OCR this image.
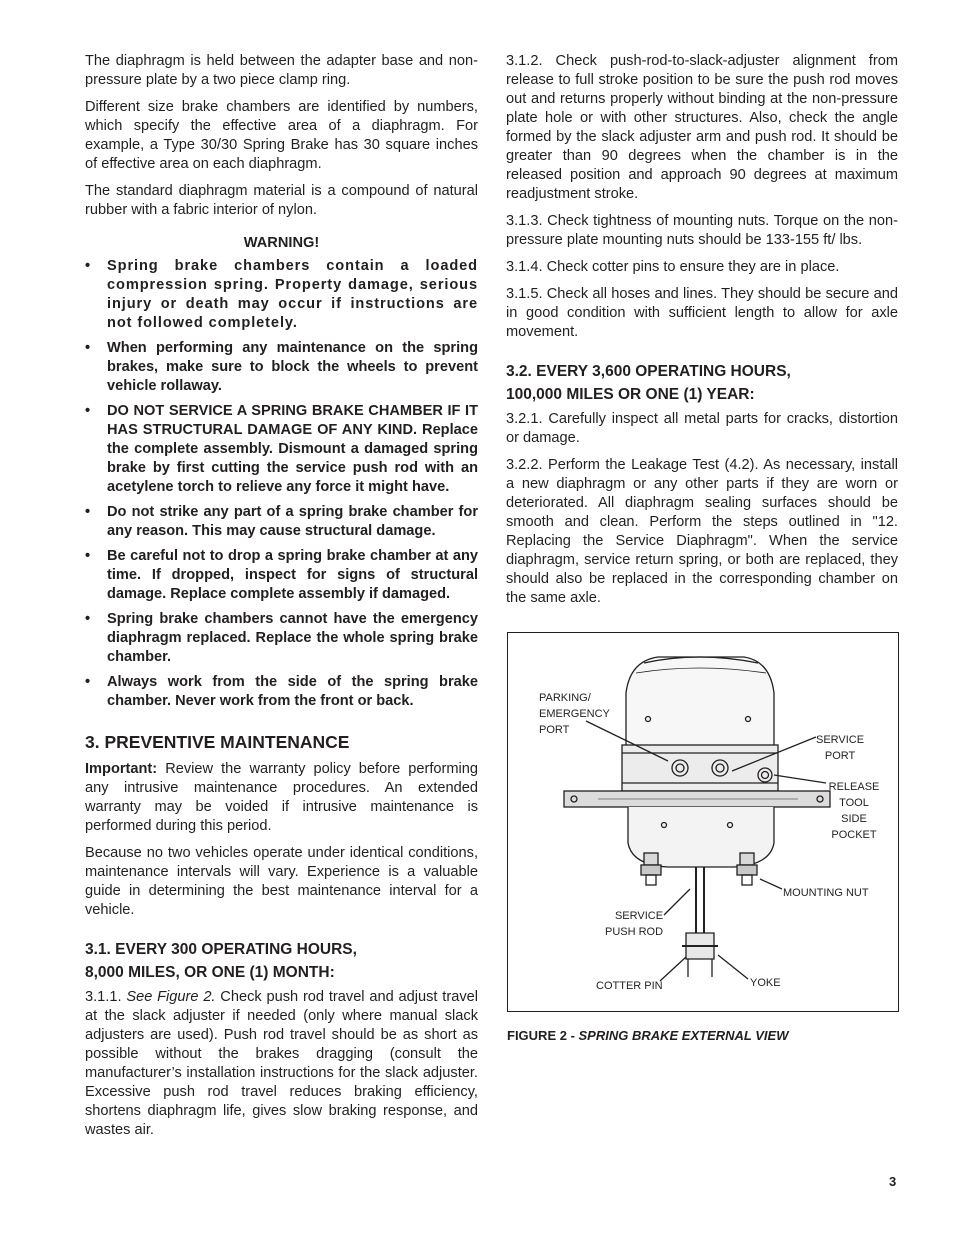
The diaphragm is held between the adapter base and non-pressure plate by a two piece clamp ring.

Different size brake chambers are identified by numbers, which specify the effective area of a diaphragm. For example, a Type 30/30 Spring Brake has 30 square inches of effective area on each diaphragm.

The standard diaphragm material is a compound of natural rubber with a fabric interior of nylon.

WARNING!
• Spring brake chambers contain a loaded compression spring. Property damage, serious injury or death may occur if instructions are not followed completely.
• When performing any maintenance on the spring brakes, make sure to block the wheels to prevent vehicle rollaway.
• DO NOT SERVICE A SPRING BRAKE CHAMBER IF IT HAS STRUCTURAL DAMAGE OF ANY KIND. Replace the complete assembly. Dismount a damaged spring brake by first cutting the service push rod with an acetylene torch to relieve any force it might have.
• Do not strike any part of a spring brake chamber for any reason. This may cause structural damage.
• Be careful not to drop a spring brake chamber at any time. If dropped, inspect for signs of structural damage. Replace complete assembly if damaged.
• Spring brake chambers cannot have the emergency diaphragm replaced. Replace the whole spring brake chamber.
• Always work from the side of the spring brake chamber. Never work from the front or back.
3. PREVENTIVE MAINTENANCE

Important: Review the warranty policy before performing any intrusive maintenance procedures. An extended warranty may be voided if intrusive maintenance is performed during this period.

Because no two vehicles operate under identical conditions, maintenance intervals will vary. Experience is a valuable guide in determining the best maintenance interval for a vehicle.

3.1. EVERY 300 OPERATING HOURS,
8,000 MILES, OR ONE (1) MONTH:

3.1.1. See Figure 2. Check push rod travel and adjust travel at the slack adjuster if needed (only where manual slack adjusters are used). Push rod travel should be as short as possible without the brakes dragging (consult the manufacturer’s installation instructions for the slack adjuster. Excessive push rod travel reduces braking efficiency, shortens diaphragm life, gives slow braking response, and wastes air.

3.1.2. Check push-rod-to-slack-adjuster alignment from release to full stroke position to be sure the push rod moves out and returns properly without binding at the non-pressure plate hole or with other structures. Also, check the angle formed by the slack adjuster arm and push rod. It should be greater than 90 degrees when the chamber is in the released position and approach 90 degrees at maximum readjustment stroke.

3.1.3. Check tightness of mounting nuts. Torque on the non-pressure plate mounting nuts should be 133-155 ft/ lbs.

3.1.4. Check cotter pins to ensure they are in place.

3.1.5. Check all hoses and lines. They should be secure and in good condition with sufficient length to allow for axle movement.

3.2. EVERY 3,600 OPERATING HOURS,
100,000 MILES OR ONE (1) YEAR:

3.2.1. Carefully inspect all metal parts for cracks, distortion or damage.

3.2.2. Perform the Leakage Test (4.2). As necessary, install a new diaphragm or any other parts if they are worn or deteriorated. All diaphragm sealing surfaces should be smooth and clean. Perform the steps outlined in "12. Replacing the Service Diaphragm". When the service diaphragm, service return spring, or both are replaced, they should also be replaced in the corresponding chamber on the same axle.

PARKING/
EMERGENCY
PORT
SERVICE
PORT
RELEASE
TOOL
SIDE
POCKET
MOUNTING NUT
SERVICE
PUSH ROD
COTTER PIN	YOKE
FIGURE 2 - SPRING BRAKE EXTERNAL VIEW
3
